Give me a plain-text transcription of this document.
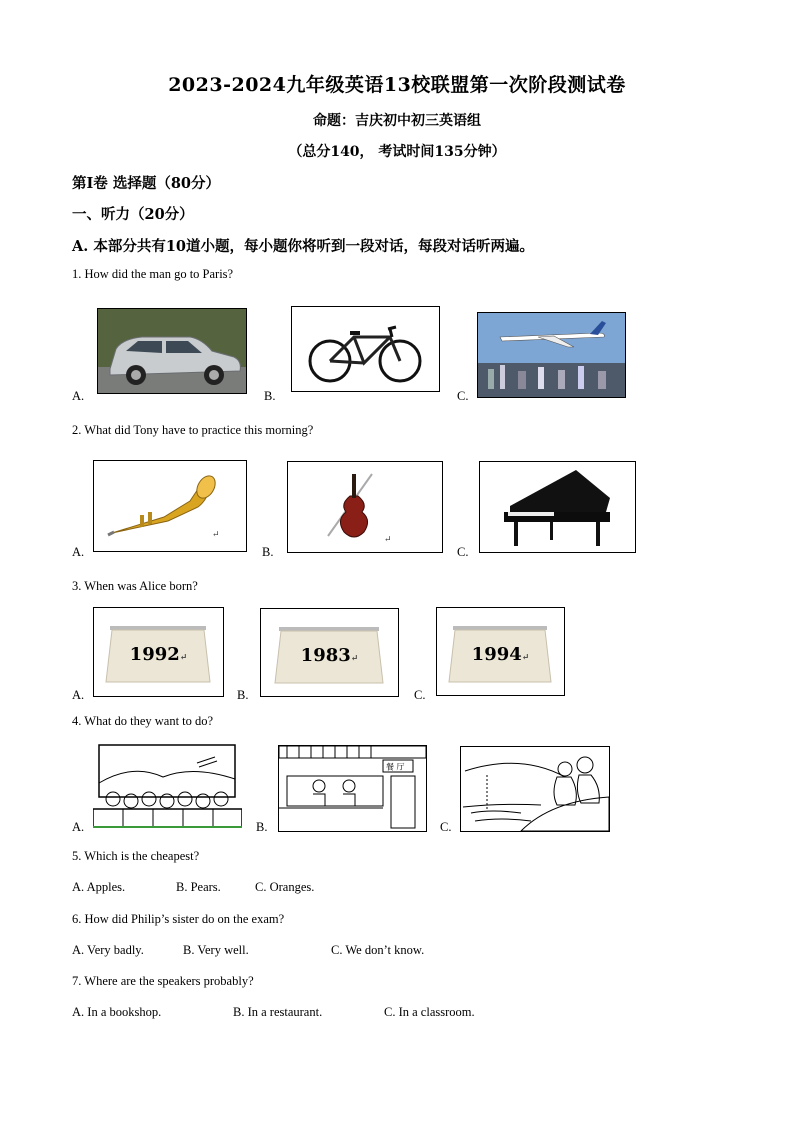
2023-2024九年级英语13校联盟第一次阶段测试卷
命题：吉庆初中初三英语组
（总分140， 考试时间135分钟）
第I卷 选择题（80分）
一、听力（20分）
A. 本部分共有10道小题，每小题你将听到一段对话，每段对话听两遍。
1. How did the man go to Paris?
A.	B.	C.
2. What did Tony have to practice this morning?
A.
↵
B.
↵
C.
3. When was Alice born?
A.
1992↵
B.
1983↵
C.
1994↵
4. What do they want to do?
A.	B.
餐 厅
C.
5. Which is the cheapest?
A. Apples.	B. Pears.	C. Oranges.
6. How did Philip’s sister do on the exam?
A. Very badly.	B. Very well.	C. We don’t know.
7. Where are the speakers probably?
A. In a bookshop.	B. In a restaurant.	C. In a classroom.
